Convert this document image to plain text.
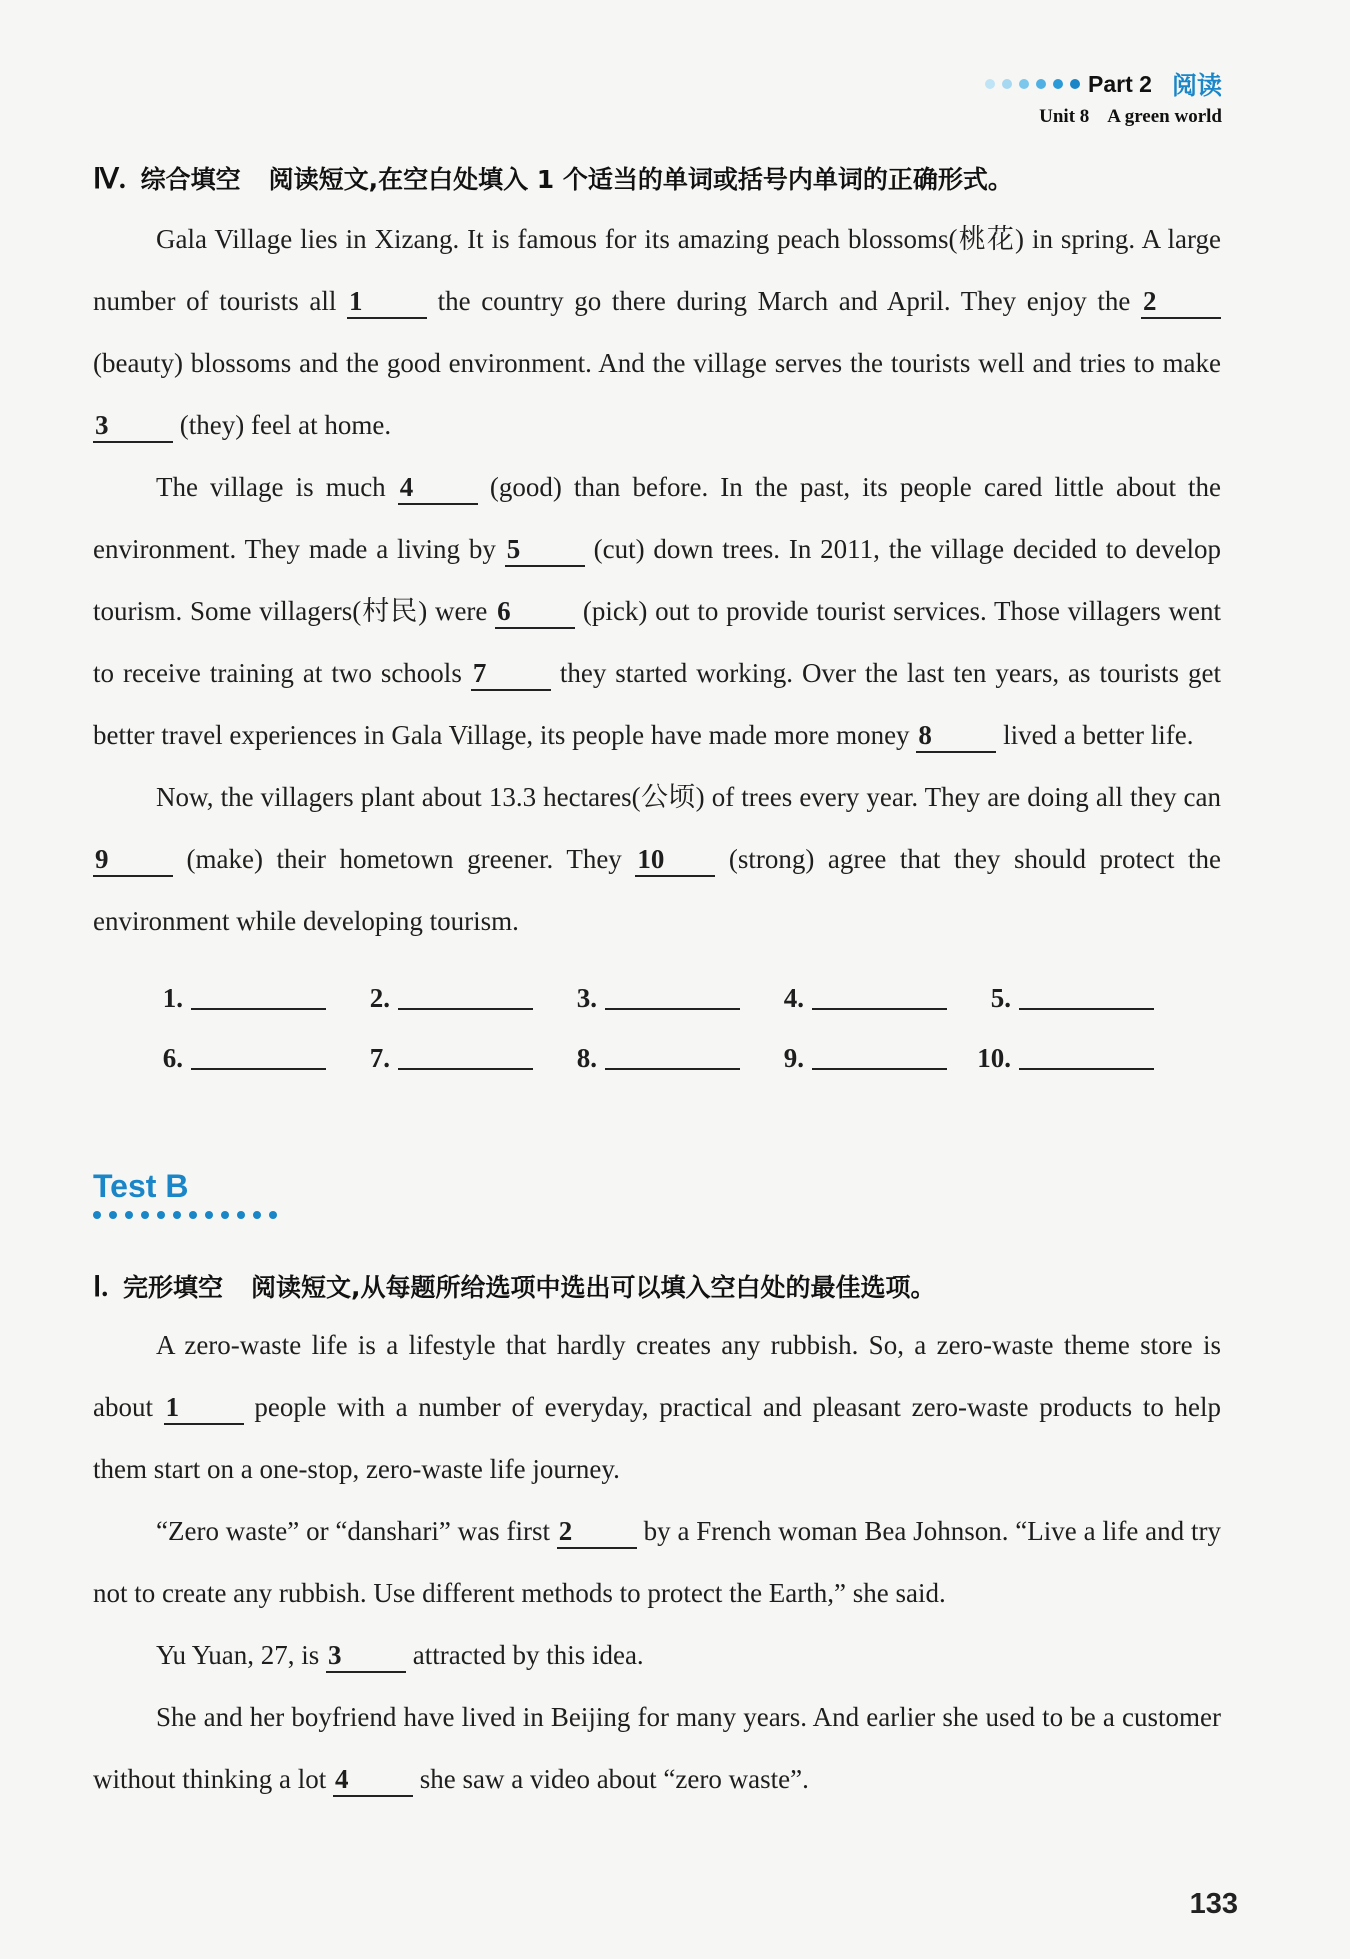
Part 2 阅读
Unit 8 A green world
Ⅳ. 综合填空 阅读短文,在空白处填入 1 个适当的单词或括号内单词的正确形式。

Gala Village lies in Xizang. It is famous for its amazing peach blossoms(桃花) in spring. A large number of tourists all 1	the country go there during March and April. They enjoy the 2 (beauty) blossoms and the good environment. And the village serves the tourists well and tries to make 3	(they) feel at home.

The village is much 4	(good) than before. In the past, its people cared little about the environment. They made a living by 5	(cut) down trees. In 2011, the village decided to develop tourism. Some villagers(村民) were 6	(pick) out to provide tourist services. Those villagers went to receive training at two schools 7	they started working. Over the last ten years, as tourists get better travel experiences in Gala Village, its people have made more money 8	lived a better life.

Now, the villagers plant about 13.3 hectares(公顷) of trees every year. They are doing all they can 9	(make) their hometown greener. They 10 (strong) agree that they should protect the environment while developing tourism.

1.	2.	3.	4.	5.
6.	7.	8.	9.	10.
Test B
Ⅰ. 完形填空 阅读短文,从每题所给选项中选出可以填入空白处的最佳选项。

A zero-waste life is a lifestyle that hardly creates any rubbish. So, a zero-waste theme store is about 1	people with a number of everyday, practical and pleasant zero-waste products to help them start on a one-stop, zero-waste life journey.

“Zero waste” or “danshari” was first 2	by a French woman Bea Johnson. “Live a life and try not to create any rubbish. Use different methods to protect the Earth,” she said.

Yu Yuan, 27, is 3	attracted by this idea.

She and her boyfriend have lived in Beijing for many years. And earlier she used to be a customer without thinking a lot 4	she saw a video about “zero waste”.

133
